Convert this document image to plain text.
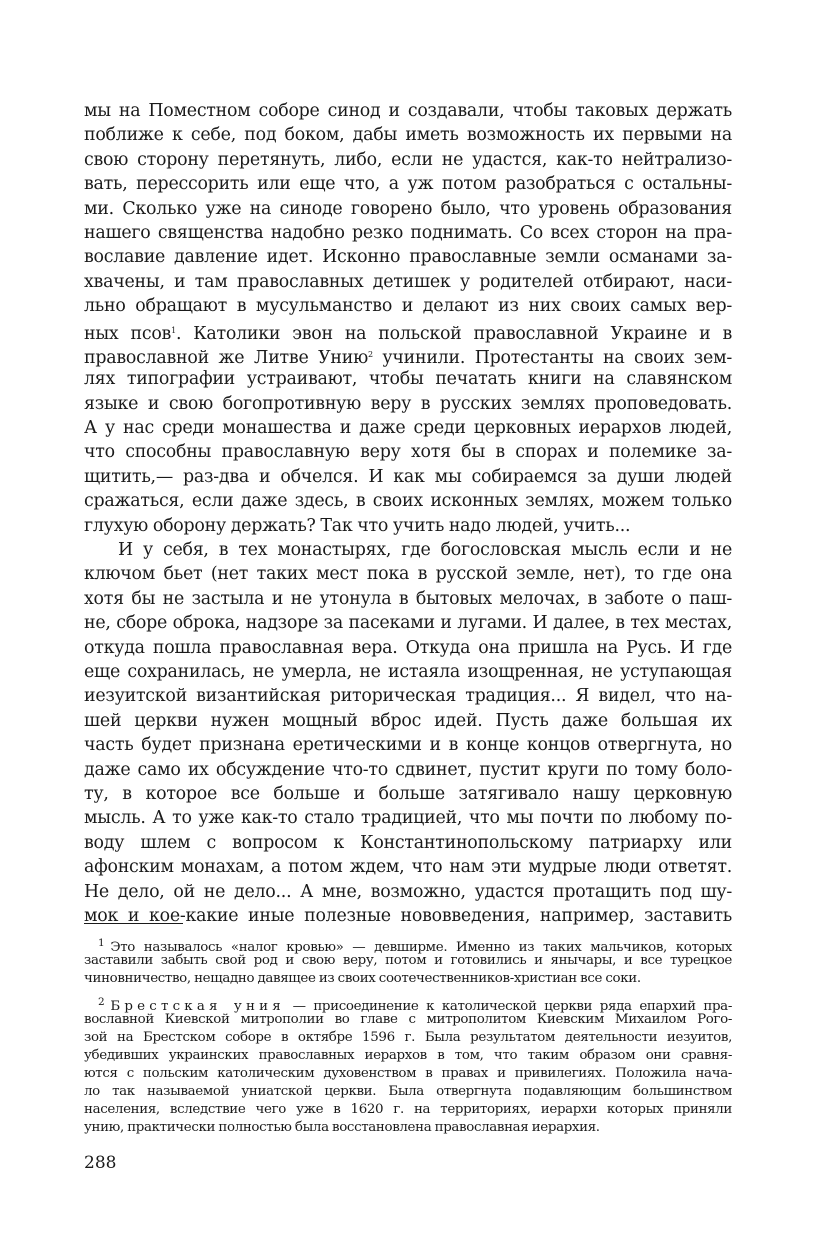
мы на Поместном соборе синод и создавали, чтобы таковых держать
поближе к себе, под боком, дабы иметь возможность их первыми на
свою сторону перетянуть, либо, если не удастся, как-то нейтрализо-
вать, перессорить или еще что, а уж потом разобраться с остальны-
ми. Сколько уже на синоде говорено было, что уровень образования
нашего священства надобно резко поднимать. Со всех сторон на пра-
вославие давление идет. Исконно православные земли османами за-
хвачены, и там православных детишек у родителей отбирают, наси-
льно обращают в мусульманство и делают из них своих самых вер-
ных псов$^1$. Католики эвон на польской православной Украине и в
православной же Литве Унию$^2$ учинили. Протестанты на своих зем-
лях типографии устраивают, чтобы печатать книги на славянском
языке и свою богопротивную веру в русских землях проповедовать.
А у нас среди монашества и даже среди церковных иерархов людей,
что способны православную веру хотя бы в спорах и полемике за-
щитить,— раз-два и обчелся. И как мы собираемся за души людей
сражаться, если даже здесь, в своих исконных землях, можем только
глухую оборону держать? Так что учить надо людей, учить...
И у себя, в тех монастырях, где богословская мысль если и не
ключом бьет (нет таких мест пока в русской земле, нет), то где она
хотя бы не застыла и не утонула в бытовых мелочах, в заботе о паш-
не, сборе оброка, надзоре за пасеками и лугами. И далее, в тех местах,
откуда пошла православная вера. Откуда она пришла на Русь. И где
еще сохранилась, не умерла, не истаяла изощренная, не уступающая
иезуитской византийская риторическая традиция... Я видел, что на-
шей церкви нужен мощный вброс идей. Пусть даже большая их
часть будет признана еретическими и в конце концов отвергнута, но
даже само их обсуждение что-то сдвинет, пустит круги по тому боло-
ту, в которое все больше и больше затягивало нашу церковную
мысль. А то уже как-то стало традицией, что мы почти по любому по-
воду шлем с вопросом к Константинопольскому патриарху или
афонским монахам, а потом ждем, что нам эти мудрые люди ответят.
Не дело, ой не дело... А мне, возможно, удастся протащить под шу-
мок и кое-какие иные полезные нововведения, например, заставить
$^1$ Это называлось «налог кровью» — девширме. Именно из таких мальчиков, которых
заставили забыть свой род и свою веру, потом и готовились и янычары, и все турецкое
чиновничество, нещадно давящее из своих соотечественников-христиан все соки.
$^2$ Брестская уния — присоединение к католической церкви ряда епархий пра-
вославной Киевской митрополии во главе с митрополитом Киевским Михаилом Рого-
зой на Брестском соборе в октябре 1596 г. Была результатом деятельности иезуитов,
убедивших украинских православных иерархов в том, что таким образом они сравня-
ются с польским католическим духовенством в правах и привилегиях. Положила нача-
ло так называемой униатской церкви. Была отвергнута подавляющим большинством
населения, вследствие чего уже в 1620 г. на территориях, иерархи которых приняли
унию, практически полностью была восстановлена православная иерархия.
288
